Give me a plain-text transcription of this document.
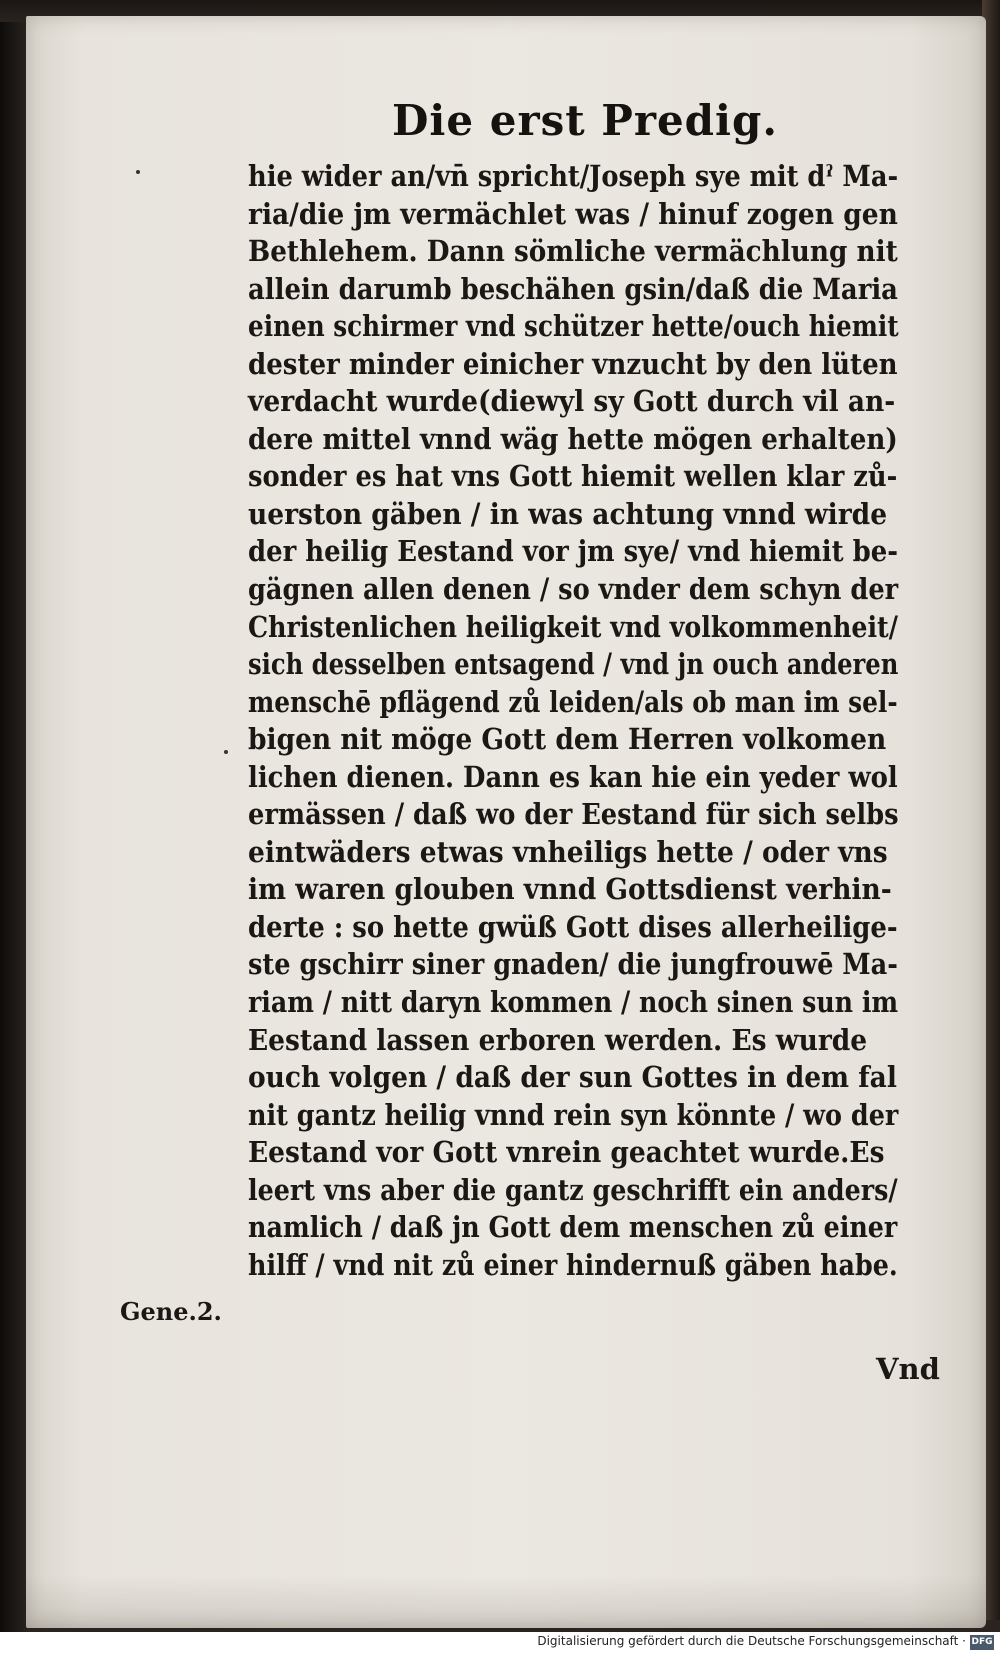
Die erst Predig.
hie wider an/vn̄ spricht/Joseph sye mit dˀ Ma-
ria/die jm vermächlet was / hinuf zogen gen
Bethlehem. Dann sömliche vermächlung nit
allein darumb beschähen gsin/daß die Maria
einen schirmer vnd schützer hette/ouch hiemit
dester minder einicher vnzucht by den lüten
verdacht wurde(diewyl sy Gott durch vil an-
dere mittel vnnd wäg hette mögen erhalten)
sonder es hat vns Gott hiemit wellen klar zů-
uerston gäben / in was achtung vnnd wirde
der heilig Eestand vor jm sye/ vnd hiemit be-
gägnen allen denen / so vnder dem schyn der
Christenlichen heiligkeit vnd volkommenheit/
sich desselben entsagend / vnd jn ouch anderen
menschē pflägend zů leiden/als ob man im sel-
bigen nit möge Gott dem Herren volkomen
lichen dienen. Dann es kan hie ein yeder wol
ermässen / daß wo der Eestand für sich selbs
eintwäders etwas vnheiligs hette / oder vns
im waren glouben vnnd Gottsdienst verhin-
derte : so hette gwüß Gott dises allerheilige-
ste gschirr siner gnaden/ die jungfrouwē Ma-
riam / nitt daryn kommen / noch sinen sun im
Eestand lassen erboren werden. Es wurde
ouch volgen / daß der sun Gottes in dem fal
nit gantz heilig vnnd rein syn könnte / wo der
Eestand vor Gott vnrein geachtet wurde.Es
leert vns aber die gantz geschrifft ein anders/
namlich / daß jn Gott dem menschen zů einer
hilff / vnd nit zů einer hindernuß gäben habe.
Gene.2.
Vnd
Digitalisierung gefördert durch die Deutsche Forschungsgemeinschaft · DFG
